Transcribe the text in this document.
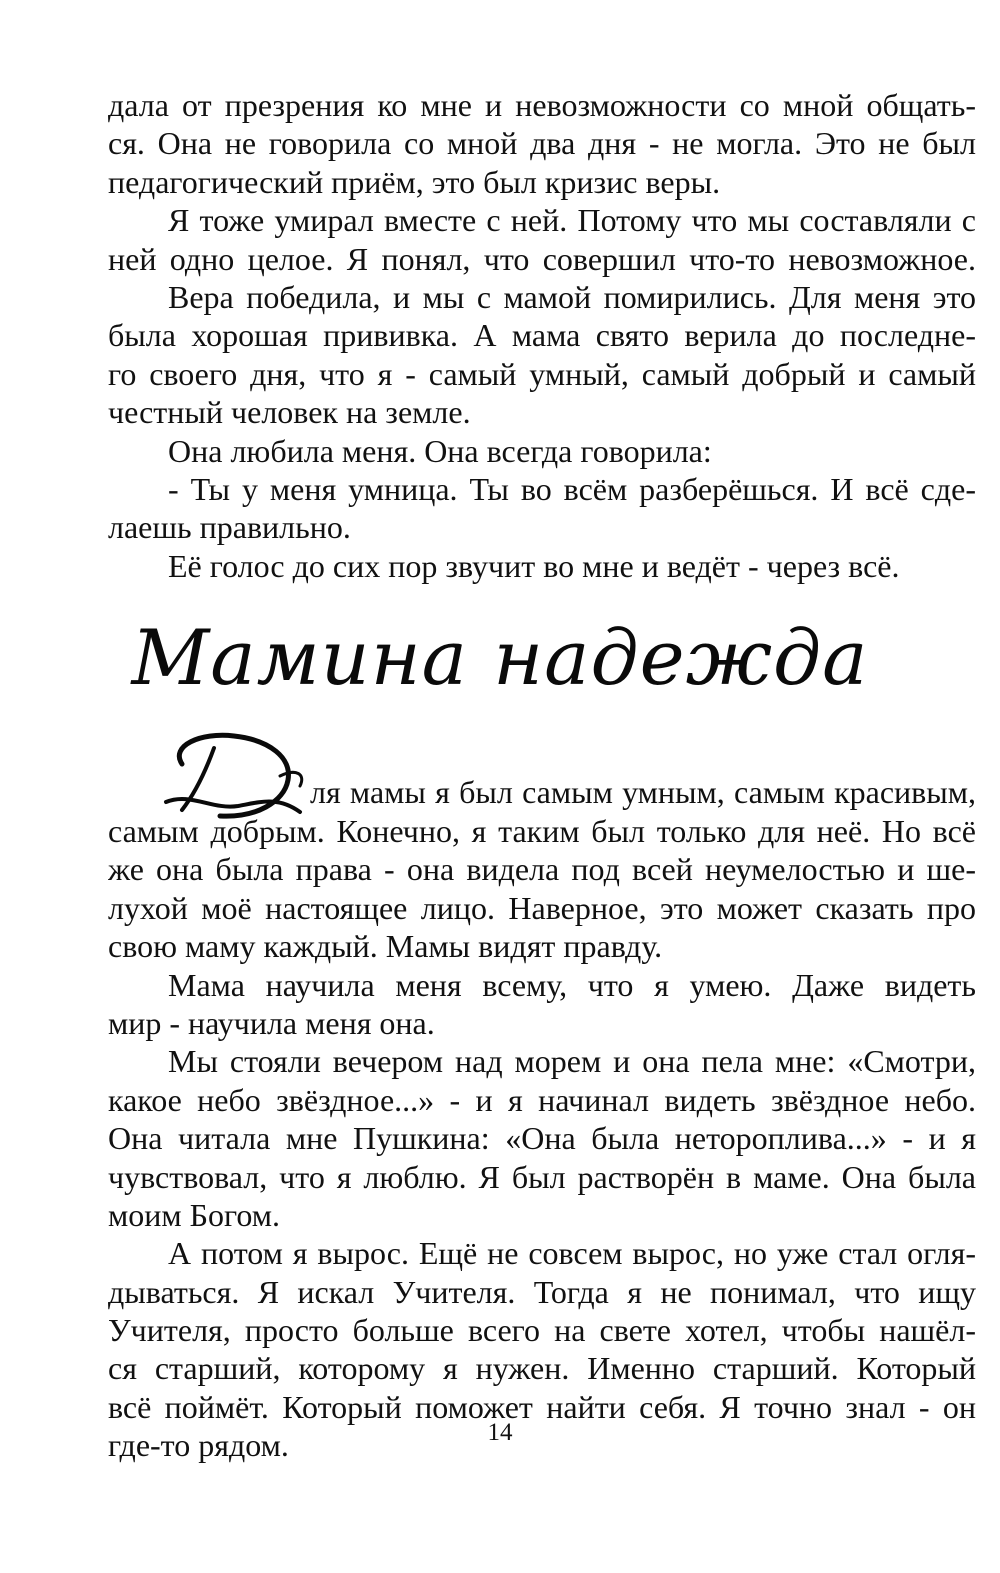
дала от презрения ко мне и невозможности со мной общать-
ся. Она не говорила со мной два дня - не могла. Это не был
педагогический приём, это был кризис веры.
Я тоже умирал вместе с ней. Потому что мы составляли с
ней одно целое. Я понял, что совершил что-то невозможное.
Вера победила, и мы с мамой помирились. Для меня это
была хорошая прививка. А мама свято верила до последне-
го своего дня, что я - самый умный, самый добрый и самый
честный человек на земле.
Она любила меня. Она всегда говорила:
- Ты у меня умница. Ты во всём разберёшься. И всё сде-
лаешь правильно.
Её голос до сих пор звучит во мне и ведёт - через всё.
Мамина надежда
ля мамы я был самым умным, самым красивым,
самым добрым. Конечно, я таким был только для неё. Но всё
же она была права - она видела под всей неумелостью и ше-
лухой моё настоящее лицо. Наверное, это может сказать про
свою маму каждый. Мамы видят правду.
Мама научила меня всему, что я умею. Даже видеть
мир - научила меня она.
Мы стояли вечером над морем и она пела мне: «Смотри,
какое небо звёздное...» - и я начинал видеть звёздное небо.
Она читала мне Пушкина: «Она была нетороплива...» - и я
чувствовал, что я люблю. Я был растворён в маме. Она была
моим Богом.
А потом я вырос. Ещё не совсем вырос, но уже стал огля-
дываться. Я искал Учителя. Тогда я не понимал, что ищу
Учителя, просто больше всего на свете хотел, чтобы нашёл-
ся старший, которому я нужен. Именно старший. Который
всё поймёт. Который поможет найти себя. Я точно знал - он
где-то рядом.	14
